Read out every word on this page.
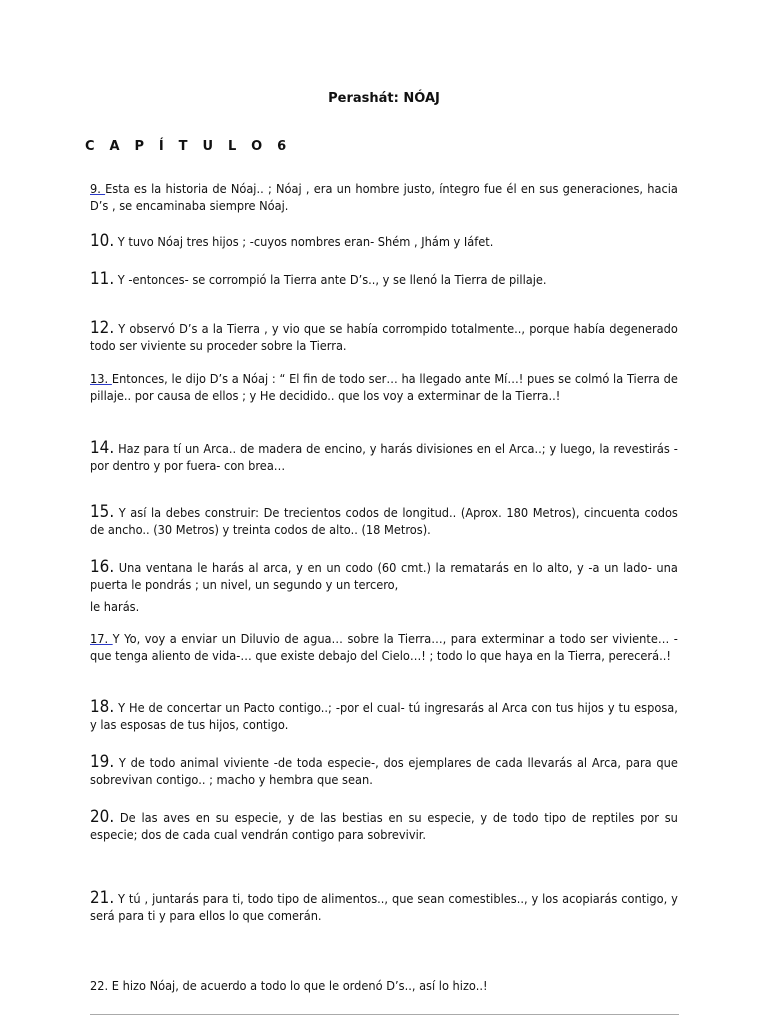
Perashát: NÓAJ
C A P Í T U L O 6
9. Esta es la historia de Nóaj.. ; Nóaj , era un hombre justo, íntegro fue él en sus generaciones, hacia D’s , se encaminaba siempre Nóaj.
10. Y tuvo Nóaj tres hijos ; -cuyos nombres eran- Shém , Jhám y Iáfet.
11. Y -entonces- se corrompió la Tierra ante D’s.., y se llenó la Tierra de pillaje.
12. Y observó D’s a la Tierra , y vio que se había corrompido totalmente.., porque había degenerado todo ser viviente su proceder sobre la Tierra.
13. Entonces, le dijo D’s a Nóaj : “ El fin de todo ser… ha llegado ante Mí…! pues se colmó la Tierra de pillaje.. por causa de ellos ; y He decidido.. que los voy a exterminar de la Tierra..!
14. Haz para tí un Arca.. de madera de encino, y harás divisiones en el Arca..; y luego, la revestirás -por dentro y por fuera- con brea…
15. Y así la debes construir: De trecientos codos de longitud.. (Aprox. 180 Metros), cincuenta codos de ancho.. (30 Metros) y treinta codos de alto.. (18 Metros).
16. Una ventana le harás al arca, y en un codo (60 cmt.) la rematarás en lo alto, y -a un lado- una puerta le pondrás ; un nivel, un segundo y un tercero,
le harás.
17. Y Yo, voy a enviar un Diluvio de agua… sobre la Tierra…, para exterminar a todo ser viviente… -que tenga aliento de vida-… que existe debajo del Cielo…! ; todo lo que haya en la Tierra, perecerá..!
18. Y He de concertar un Pacto contigo..; -por el cual- tú ingresarás al Arca con tus hijos y tu esposa, y las esposas de tus hijos, contigo.
19. Y de todo animal viviente -de toda especie-, dos ejemplares de cada llevarás al Arca, para que sobrevivan contigo.. ; macho y hembra que sean.
20. De las aves en su especie, y de las bestias en su especie, y de todo tipo de reptiles por su especie; dos de cada cual vendrán contigo para sobrevivir.
21. Y tú , juntarás para ti, todo tipo de alimentos.., que sean comestibles.., y los acopiarás contigo, y será para ti y para ellos lo que comerán.
22. E hizo Nóaj, de acuerdo a todo lo que le ordenó D’s.., así lo hizo..!
